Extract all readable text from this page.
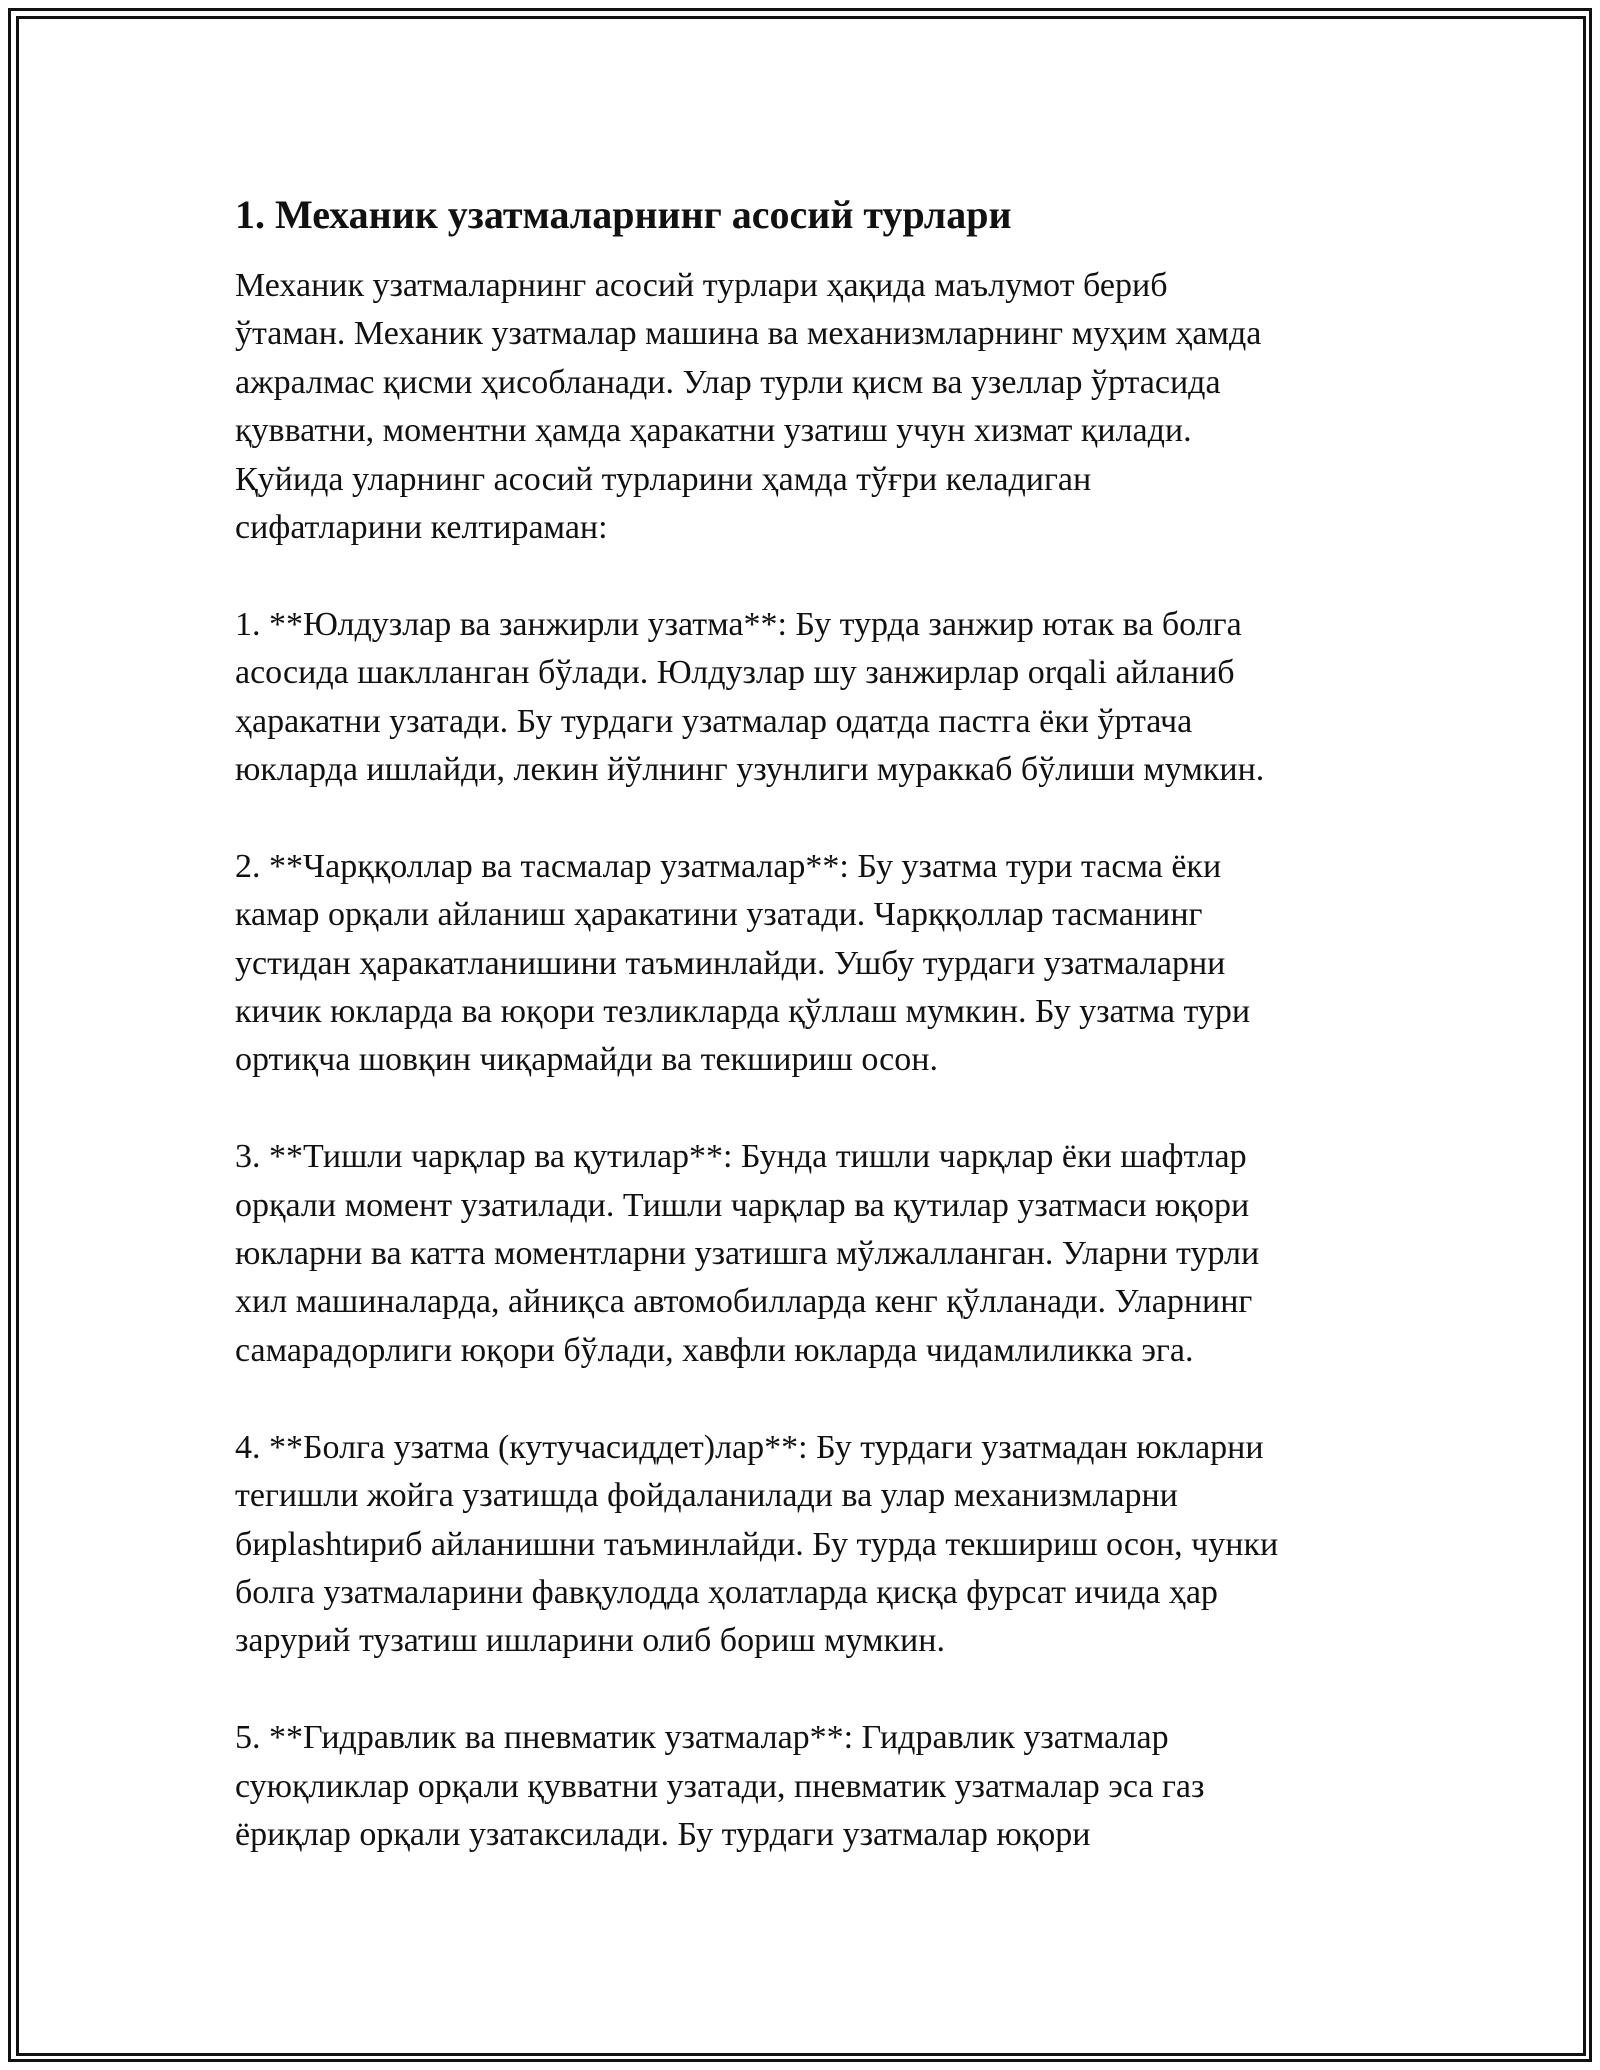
1. Механик узатмаларнинг асосий турлари

Механик узатмаларнинг асосий турлари ҳақида маълумот бериб
ўтаман. Механик узатмалар машина ва механизмларнинг муҳим ҳамда
ажралмас қисми ҳисобланади. Улар турли қисм ва узеллар ўртасида
қувватни, моментни ҳамда ҳаракатни узатиш учун хизмат қилади.
Қуйида уларнинг асосий турларини ҳамда тўғри келадиган
сифатларини келтираман:

1. **Юлдузлар ва занжирли узатма**: Бу турда занжир ютак ва болга
асосида шаклланган бўлади. Юлдузлар шу занжирлар orqali айланиб
ҳаракатни узатади. Бу турдаги узатмалар одатда пастга ёки ўртача
юкларда ишлайди, лекин йўлнинг узунлиги мураккаб бўлиши мумкин.

2. **Чарққоллар ва тасмалар узатмалар**: Бу узатма тури тасма ёки
камар орқали айланиш ҳаракатини узатади. Чарққоллар тасманинг
устидан ҳаракатланишини таъминлайди. Ушбу турдаги узатмаларни
кичик юкларда ва юқори тезликларда қўллаш мумкин. Бу узатма тури
ортиқча шовқин чиқармайди ва текшириш осон.

3. **Тишли чарқлар ва қутилар**: Бунда тишли чарқлар ёки шафтлар
орқали момент узатилади. Тишли чарқлар ва қутилар узатмаси юқори
юкларни ва катта моментларни узатишга мўлжалланган. Уларни турли
хил машиналарда, айниқса автомобилларда кенг қўлланади. Уларнинг
самарадорлиги юқори бўлади, хавфли юкларда чидамлиликка эга.

4. **Болга узатма (кутучасиддет)лар**: Бу турдаги узатмадан юкларни
тегишли жойга узатишда фойдаланилади ва улар механизмларни
бирlashtириб айланишни таъминлайди. Бу турда текшириш осон, чунки
болга узатмаларини фавқулодда ҳолатларда қисқа фурсат ичида ҳар
зарурий тузатиш ишларини олиб бориш мумкин.

5. **Гидравлик ва пневматик узатмалар**: Гидравлик узатмалар
суюқликлар орқали қувватни узатади, пневматик узатмалар эса газ
ёриқлар орқали узатаксилади. Бу турдаги узатмалар юқори
